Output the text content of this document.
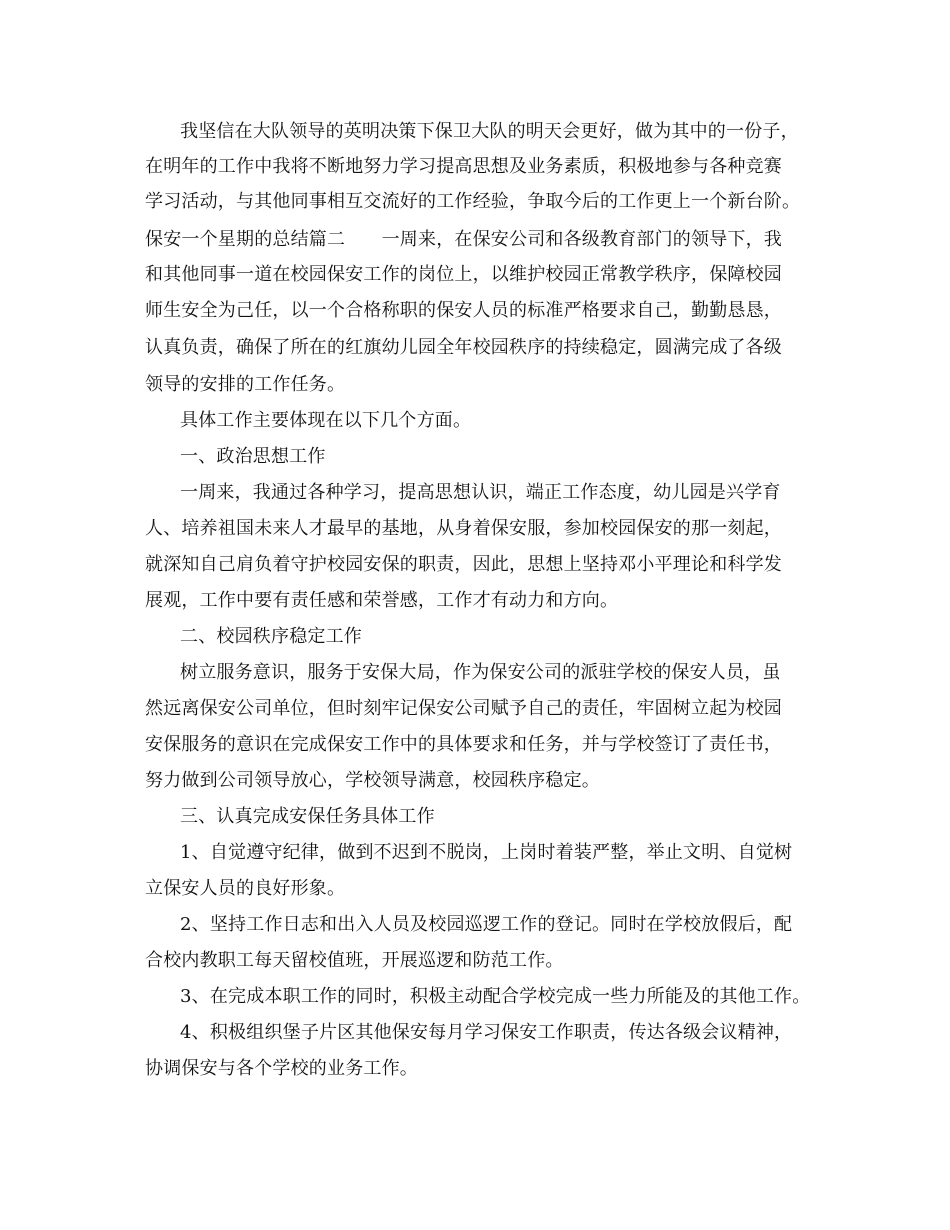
我坚信在大队领导的英明决策下保卫大队的明天会更好，做为其中的一份子，
在明年的工作中我将不断地努力学习提高思想及业务素质，积极地参与各种竞赛
学习活动，与其他同事相互交流好的工作经验，争取今后的工作更上一个新台阶。
保安一个星期的总结篇二　　一周来，在保安公司和各级教育部门的领导下，我
和其他同事一道在校园保安工作的岗位上，以维护校园正常教学秩序，保障校园
师生安全为己任，以一个合格称职的保安人员的标准严格要求自己，勤勤恳恳，
认真负责，确保了所在的红旗幼儿园全年校园秩序的持续稳定，圆满完成了各级
领导的安排的工作任务。
具体工作主要体现在以下几个方面。
一、政治思想工作
一周来，我通过各种学习，提高思想认识，端正工作态度，幼儿园是兴学育
人、培养祖国未来人才最早的基地，从身着保安服，参加校园保安的那一刻起，
就深知自己肩负着守护校园安保的职责，因此，思想上坚持邓小平理论和科学发
展观，工作中要有责任感和荣誉感，工作才有动力和方向。
二、校园秩序稳定工作
树立服务意识，服务于安保大局，作为保安公司的派驻学校的保安人员，虽
然远离保安公司单位，但时刻牢记保安公司赋予自己的责任，牢固树立起为校园
安保服务的意识在完成保安工作中的具体要求和任务，并与学校签订了责任书，
努力做到公司领导放心，学校领导满意，校园秩序稳定。
三、认真完成安保任务具体工作
1、自觉遵守纪律，做到不迟到不脱岗，上岗时着装严整，举止文明、自觉树
立保安人员的良好形象。
2、坚持工作日志和出入人员及校园巡逻工作的登记。同时在学校放假后，配
合校内教职工每天留校值班，开展巡逻和防范工作。
3、在完成本职工作的同时，积极主动配合学校完成一些力所能及的其他工作。
4、积极组织堡子片区其他保安每月学习保安工作职责，传达各级会议精神，
协调保安与各个学校的业务工作。
